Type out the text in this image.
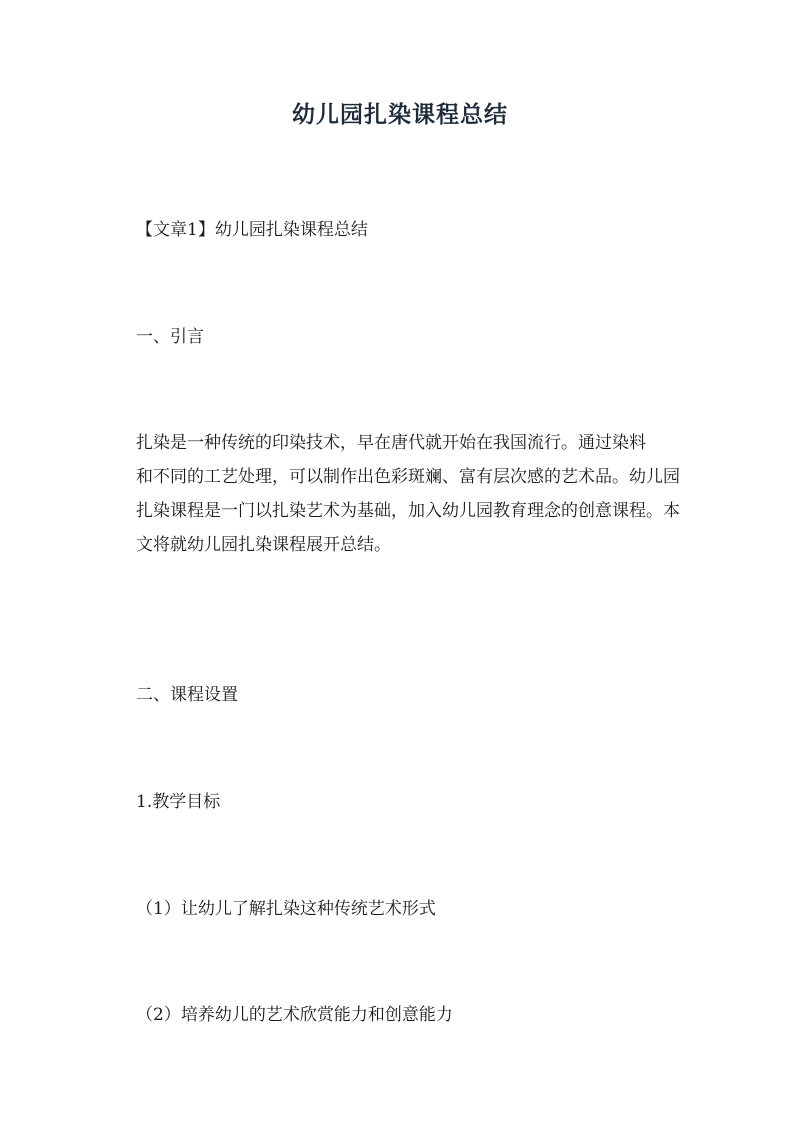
幼儿园扎染课程总结
【文章1】幼儿园扎染课程总结
一、引言
扎染是一种传统的印染技术，早在唐代就开始在我国流行。通过染料
和不同的工艺处理，可以制作出色彩斑斓、富有层次感的艺术品。幼儿园
扎染课程是一门以扎染艺术为基础，加入幼儿园教育理念的创意课程。本
文将就幼儿园扎染课程展开总结。
二、课程设置
1.教学目标
（1）让幼儿了解扎染这种传统艺术形式
（2）培养幼儿的艺术欣赏能力和创意能力
